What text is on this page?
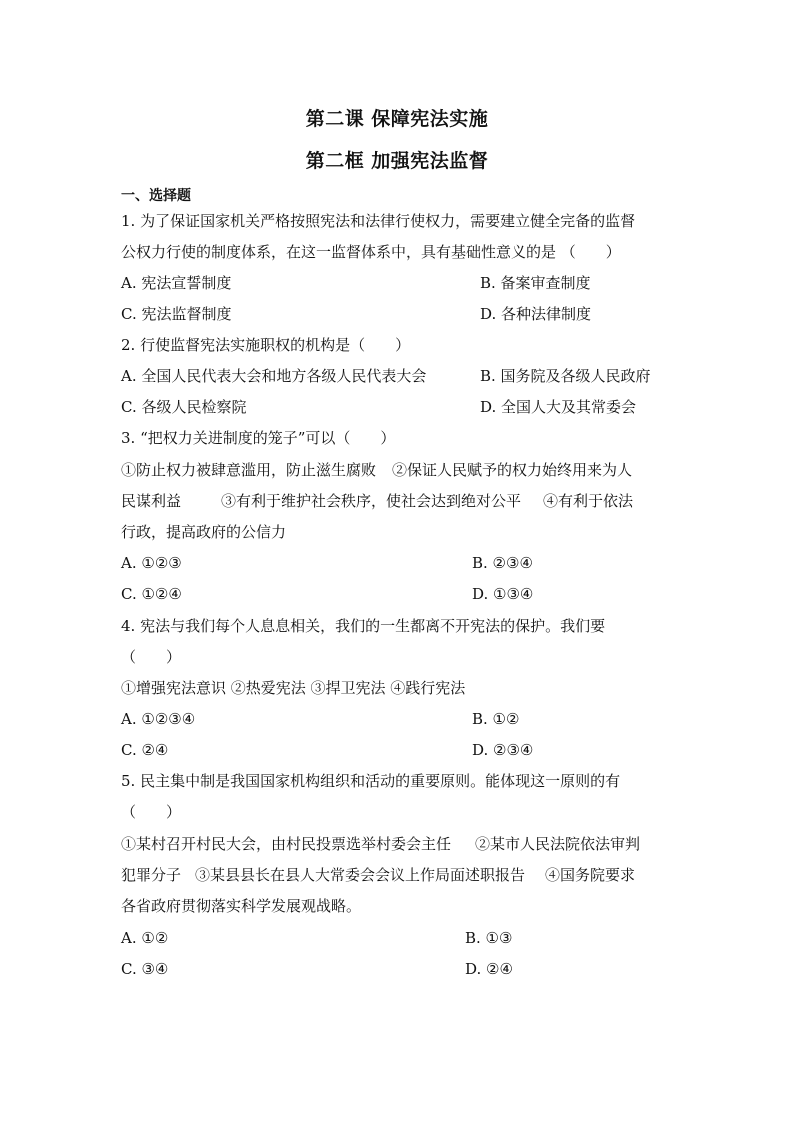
第二课 保障宪法实施
第二框 加强宪法监督
一、选择题
1. 为了保证国家机关严格按照宪法和法律行使权力，需要建立健全完备的监督
公权力行使的制度体系，在这一监督体系中，具有基础性意义的是 （　　）
A. 宪法宣誓制度	B. 备案审查制度
C. 宪法监督制度	D. 各种法律制度
2. 行使监督宪法实施职权的机构是（　　）
A. 全国人民代表大会和地方各级人民代表大会	B. 国务院及各级人民政府
C. 各级人民检察院	D. 全国人大及其常委会
3. “把权力关进制度的笼子”可以（　　）
①防止权力被肆意滥用，防止滋生腐败 ②保证人民赋予的权力始终用来为人
民谋利益	③有利于维护社会秩序，使社会达到绝对公平 ④有利于依法
行政，提高政府的公信力
A. ①②③	B. ②③④
C. ①②④	D. ①③④
4. 宪法与我们每个人息息相关，我们的一生都离不开宪法的保护。我们要
（　　）
①增强宪法意识 ②热爱宪法 ③捍卫宪法 ④践行宪法
A. ①②③④	B. ①②
C. ②④	D. ②③④
5. 民主集中制是我国国家机构组织和活动的重要原则。能体现这一原则的有
（　　）
①某村召开村民大会，由村民投票选举村委会主任 ②某市人民法院依法审判
犯罪分子 ③某县县长在县人大常委会会议上作局面述职报告 ④国务院要求
各省政府贯彻落实科学发展观战略。
A. ①②	B. ①③
C. ③④	D. ②④
